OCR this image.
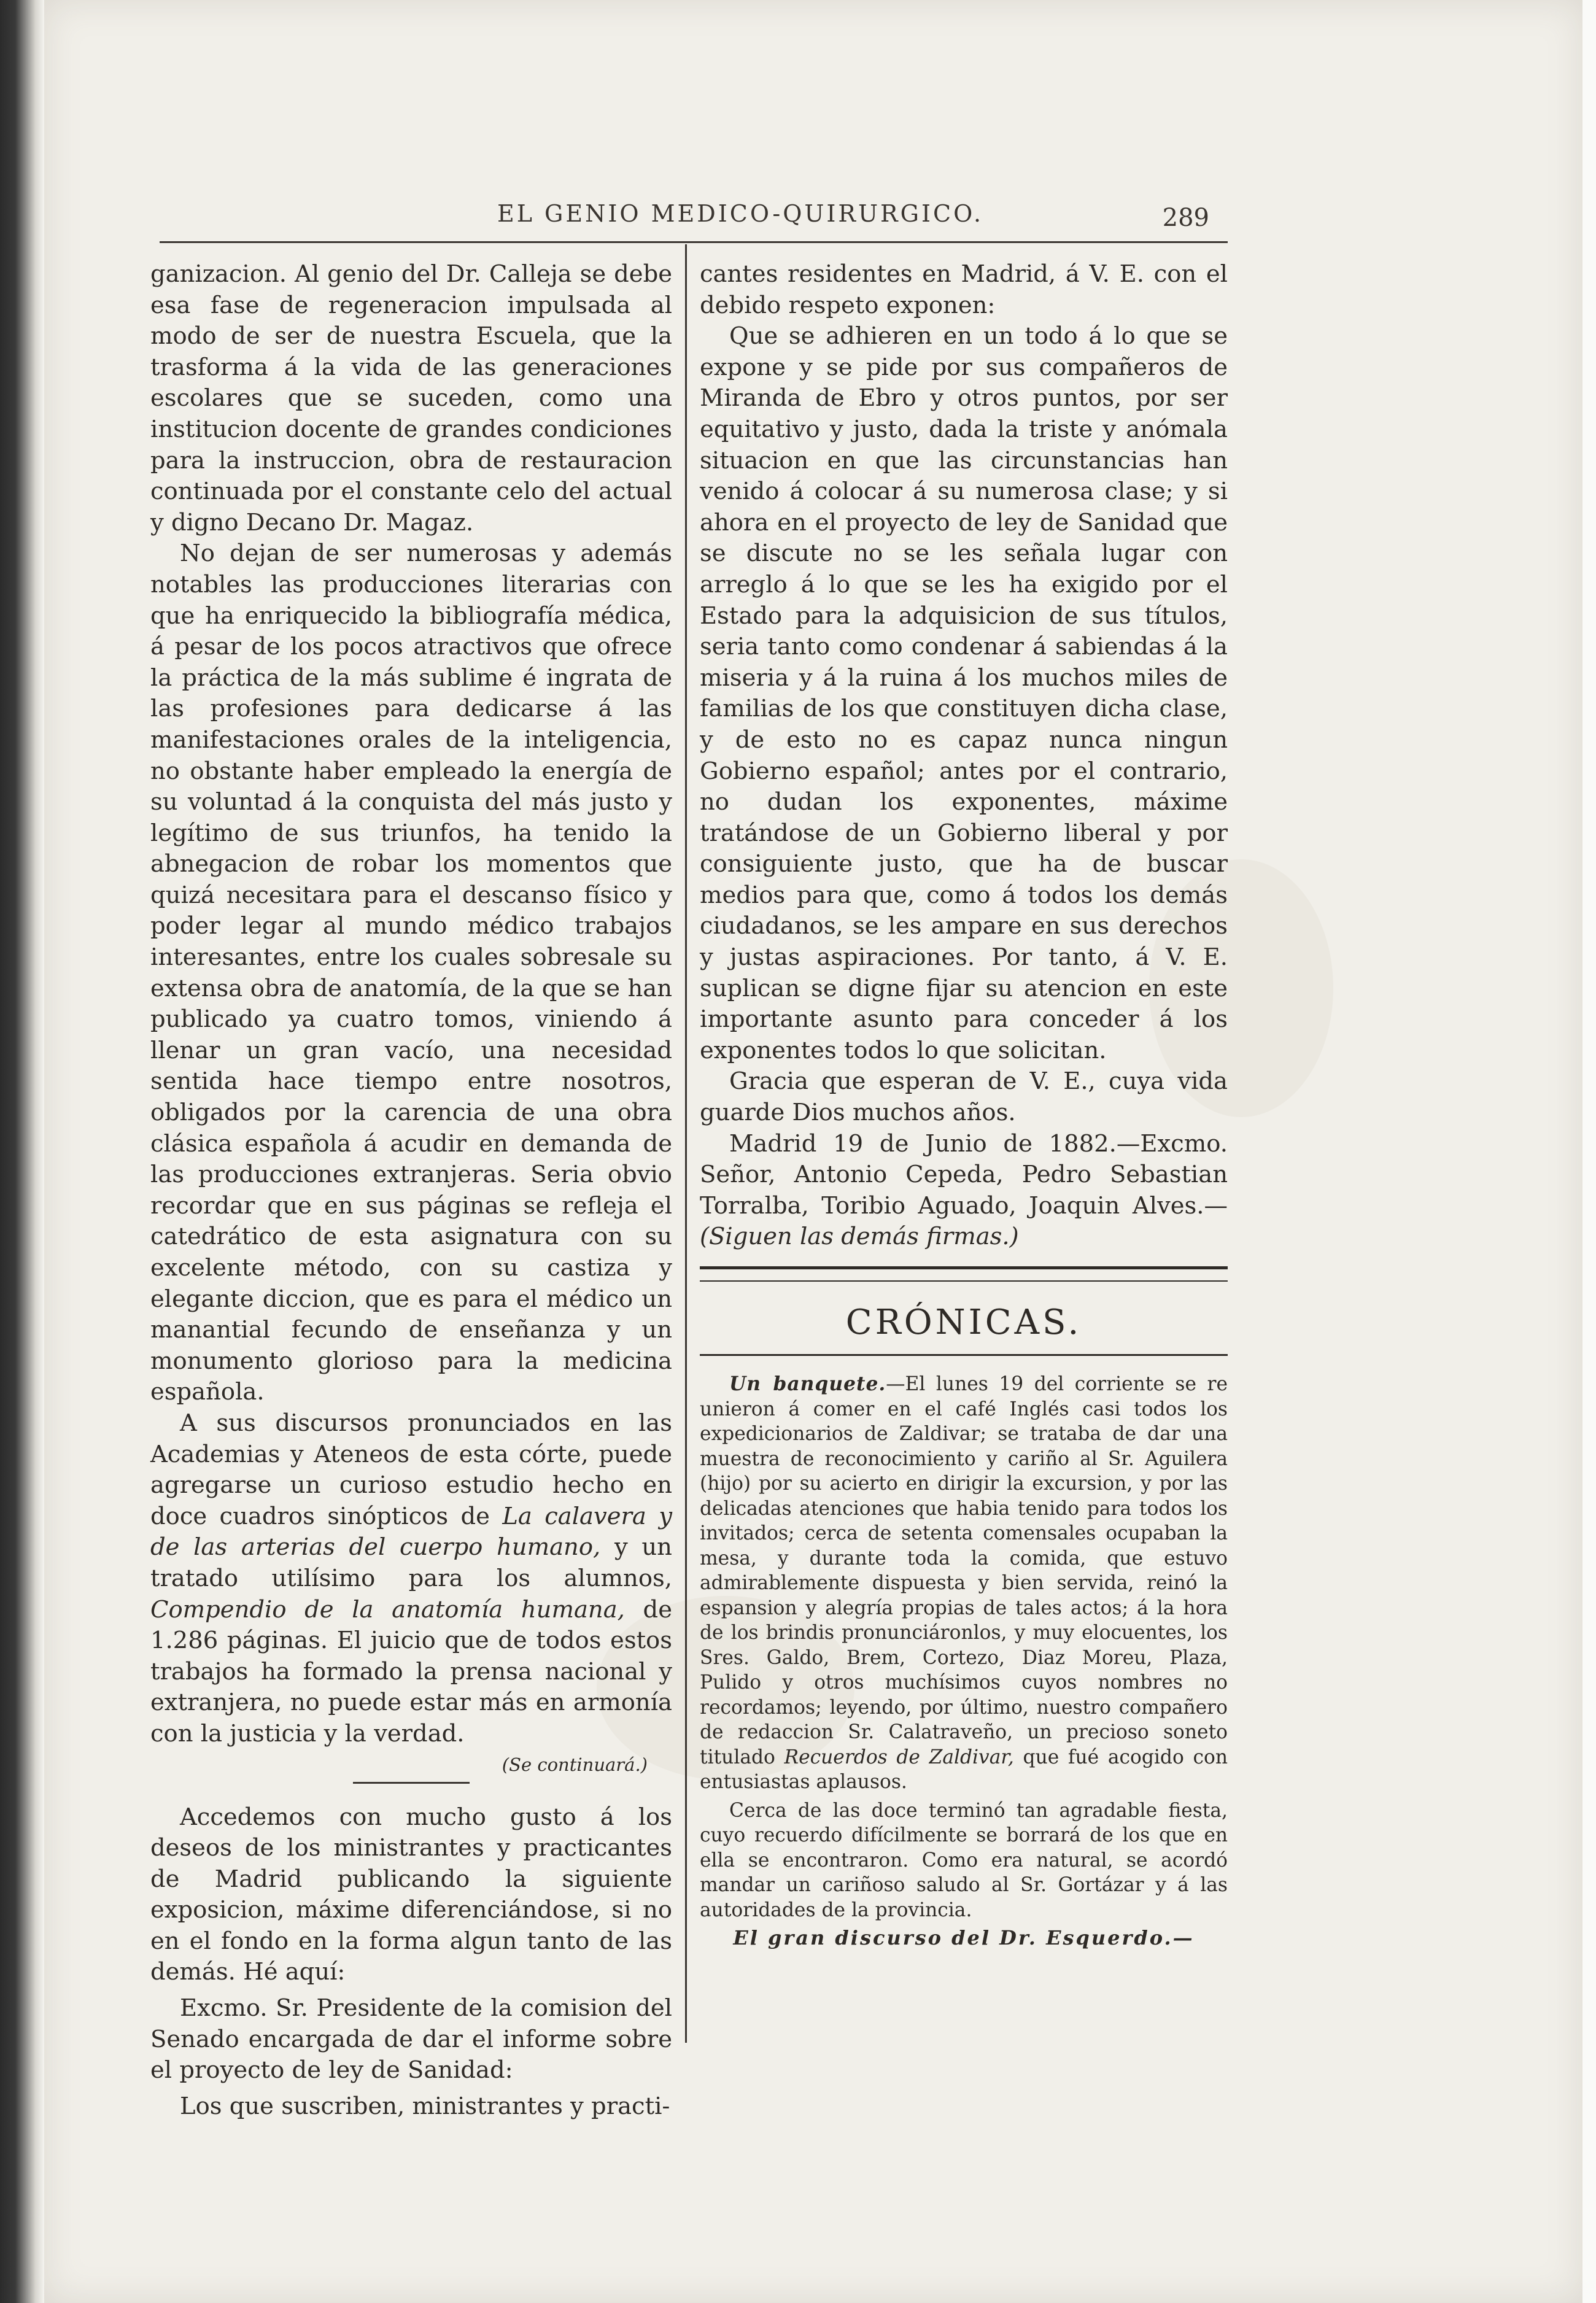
EL GENIO MEDICO-QUIRURGICO.	289

ganizacion. Al genio del Dr. Calleja se debe esa fase de regeneracion impulsada al modo de ser de nuestra Escuela, que la trasforma á la vida de las generaciones escolares que se suceden, como una institucion docente de grandes condiciones para la instruccion, obra de restauracion continuada por el constante celo del actual y digno Decano Dr. Magaz.

No dejan de ser numerosas y además notables las producciones literarias con que ha enriquecido la bibliografía médica, á pesar de los pocos atractivos que ofrece la práctica de la más sublime é ingrata de las profesiones para dedicarse á las manifestaciones orales de la inteligencia, no obstante haber empleado la energía de su voluntad á la conquista del más justo y legítimo de sus triunfos, ha tenido la abnegacion de robar los momentos que quizá necesitara para el descanso físico y poder legar al mundo médico trabajos interesantes, entre los cuales sobresale su extensa obra de anatomía, de la que se han publicado ya cuatro tomos, viniendo á llenar un gran vacío, una necesidad sentida hace tiempo entre nosotros, obligados por la carencia de una obra clásica española á acudir en demanda de las producciones extranjeras. Seria obvio recordar que en sus páginas se refleja el catedrático de esta asignatura con su excelente método, con su castiza y elegante diccion, que es para el médico un manantial fecundo de enseñanza y un monumento glorioso para la medicina española.

A sus discursos pronunciados en las Academias y Ateneos de esta córte, puede agregarse un curioso estudio hecho en doce cuadros sinópticos de La calavera y de las arterias del cuerpo humano, y un tratado utilísimo para los alumnos, Compendio de la anatomía humana, de 1.286 páginas. El juicio que de todos estos trabajos ha formado la prensa nacional y extranjera, no puede estar más en armonía con la justicia y la verdad.

(Se continuará.)

Accedemos con mucho gusto á los deseos de los ministrantes y practicantes de Madrid publicando la siguiente exposicion, máxime diferenciándose, si no en el fondo en la forma algun tanto de las demás. Hé aquí:

Excmo. Sr. Presidente de la comision del Senado encargada de dar el informe sobre el proyecto de ley de Sanidad:

Los que suscriben, ministrantes y practi-

cantes residentes en Madrid, á V. E. con el debido respeto exponen:

Que se adhieren en un todo á lo que se expone y se pide por sus compañeros de Miranda de Ebro y otros puntos, por ser equitativo y justo, dada la triste y anómala situacion en que las circunstancias han venido á colocar á su numerosa clase; y si ahora en el proyecto de ley de Sanidad que se discute no se les señala lugar con arreglo á lo que se les ha exigido por el Estado para la adquisicion de sus títulos, seria tanto como condenar á sabiendas á la miseria y á la ruina á los muchos miles de familias de los que constituyen dicha clase, y de esto no es capaz nunca ningun Gobierno español; antes por el contrario, no dudan los exponentes, máxime tratándose de un Gobierno liberal y por consiguiente justo, que ha de buscar medios para que, como á todos los demás ciudadanos, se les ampare en sus derechos y justas aspiraciones. Por tanto, á V. E. suplican se digne fijar su atencion en este importante asunto para conceder á los exponentes todos lo que solicitan.

Gracia que esperan de V. E., cuya vida guarde Dios muchos años.

Madrid 19 de Junio de 1882.—Excmo. Señor, Antonio Cepeda, Pedro Sebastian Torralba, Toribio Aguado, Joaquin Alves.—(Siguen las demás firmas.)

CRÓNICAS.

Un banquete.—El lunes 19 del corriente se re unieron á comer en el café Inglés casi todos los expedicionarios de Zaldivar; se trataba de dar una muestra de reconocimiento y cariño al Sr. Aguilera (hijo) por su acierto en dirigir la excursion, y por las delicadas atenciones que habia tenido para todos los invitados; cerca de setenta comensales ocupaban la mesa, y durante toda la comida, que estuvo admirablemente dispuesta y bien servida, reinó la espansion y alegría propias de tales actos; á la hora de los brindis pronunciáronlos, y muy elocuentes, los Sres. Galdo, Brem, Cortezo, Diaz Moreu, Plaza, Pulido y otros muchísimos cuyos nombres no recordamos; leyendo, por último, nuestro compañero de redaccion Sr. Calatraveño, un precioso soneto titulado Recuerdos de Zaldivar, que fué acogido con entusiastas aplausos.

Cerca de las doce terminó tan agradable fiesta, cuyo recuerdo difícilmente se borrará de los que en ella se encontraron. Como era natural, se acordó mandar un cariñoso saludo al Sr. Gortázar y á las autoridades de la provincia.

El gran discurso del Dr. Esquerdo.—
